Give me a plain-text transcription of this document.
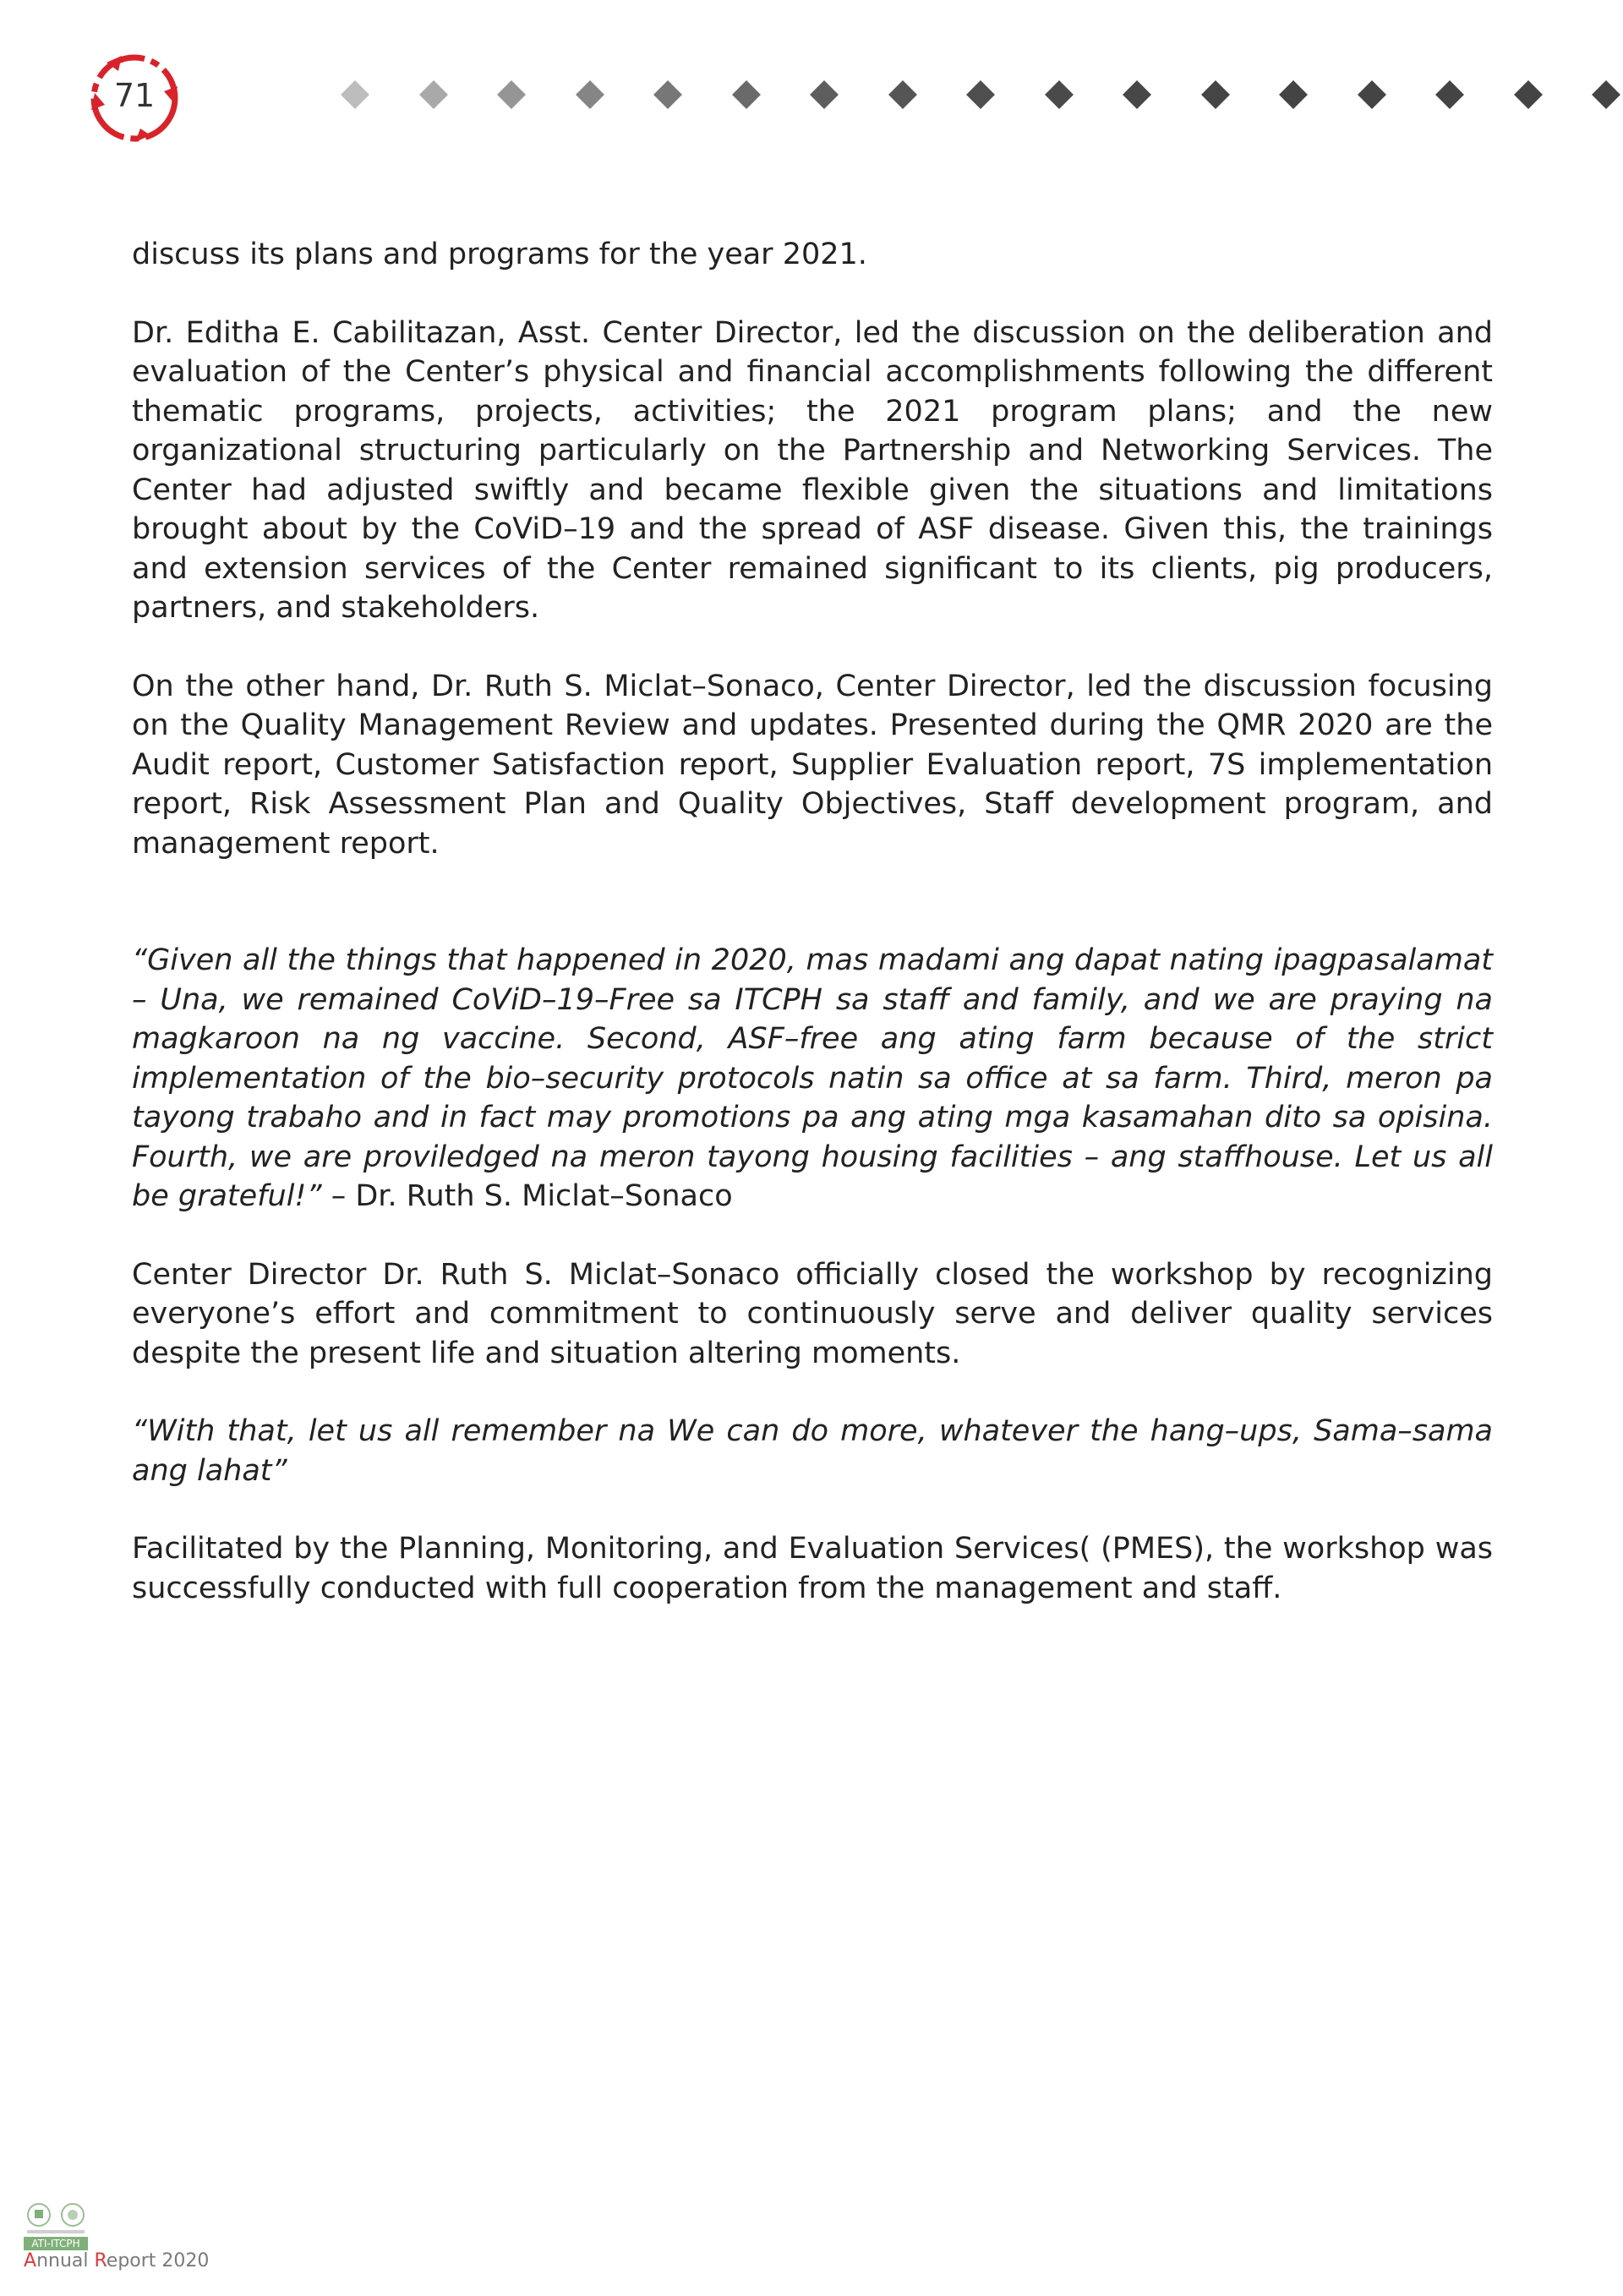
71

discuss its plans and programs for the year 2021.

Dr. Editha E. Cabilitazan, Asst. Center Director, led the discussion on the deliberation and evaluation of the Center’s physical and financial accomplishments following the different thematic programs, projects, activities; the 2021 program plans; and the new organizational structuring particularly on the Partnership and Networking Services. The Center had adjusted swiftly and became flexible given the situations and limitations brought about by the CoViD–19 and the spread of ASF disease. Given this, the trainings and extension services of the Center remained significant to its clients, pig producers, partners, and stakeholders.

On the other hand, Dr. Ruth S. Miclat–Sonaco, Center Director, led the discussion focusing on the Quality Management Review and updates. Presented during the QMR 2020 are the Audit report, Customer Satisfaction report, Supplier Evaluation report, 7S implementation report, Risk Assessment Plan and Quality Objectives, Staff development program, and management report.

“Given all the things that happened in 2020, mas madami ang dapat nating ipagpasalamat – Una, we remained CoViD–19–Free sa ITCPH sa staff and family, and we are praying na magkaroon na ng vaccine. Second, ASF–free ang ating farm because of the strict implementation of the bio–security protocols natin sa office at sa farm. Third, meron pa tayong trabaho and in fact may promotions pa ang ating mga kasamahan dito sa opisina. Fourth, we are proviledged na meron tayong housing facilities – ang staffhouse. Let us all be grateful!” – Dr. Ruth S. Miclat–Sonaco

Center Director Dr. Ruth S. Miclat–Sonaco officially closed the workshop by recognizing everyone’s effort and commitment to continuously serve and deliver quality services despite the present life and situation altering moments.

“With that, let us all remember na We can do more, whatever the hang–ups, Sama–sama ang lahat”

Facilitated by the Planning, Monitoring, and Evaluation Services( (PMES), the workshop was successfully conducted with full cooperation from the management and staff.

ATI-ITCPH
Annual Report 2020
